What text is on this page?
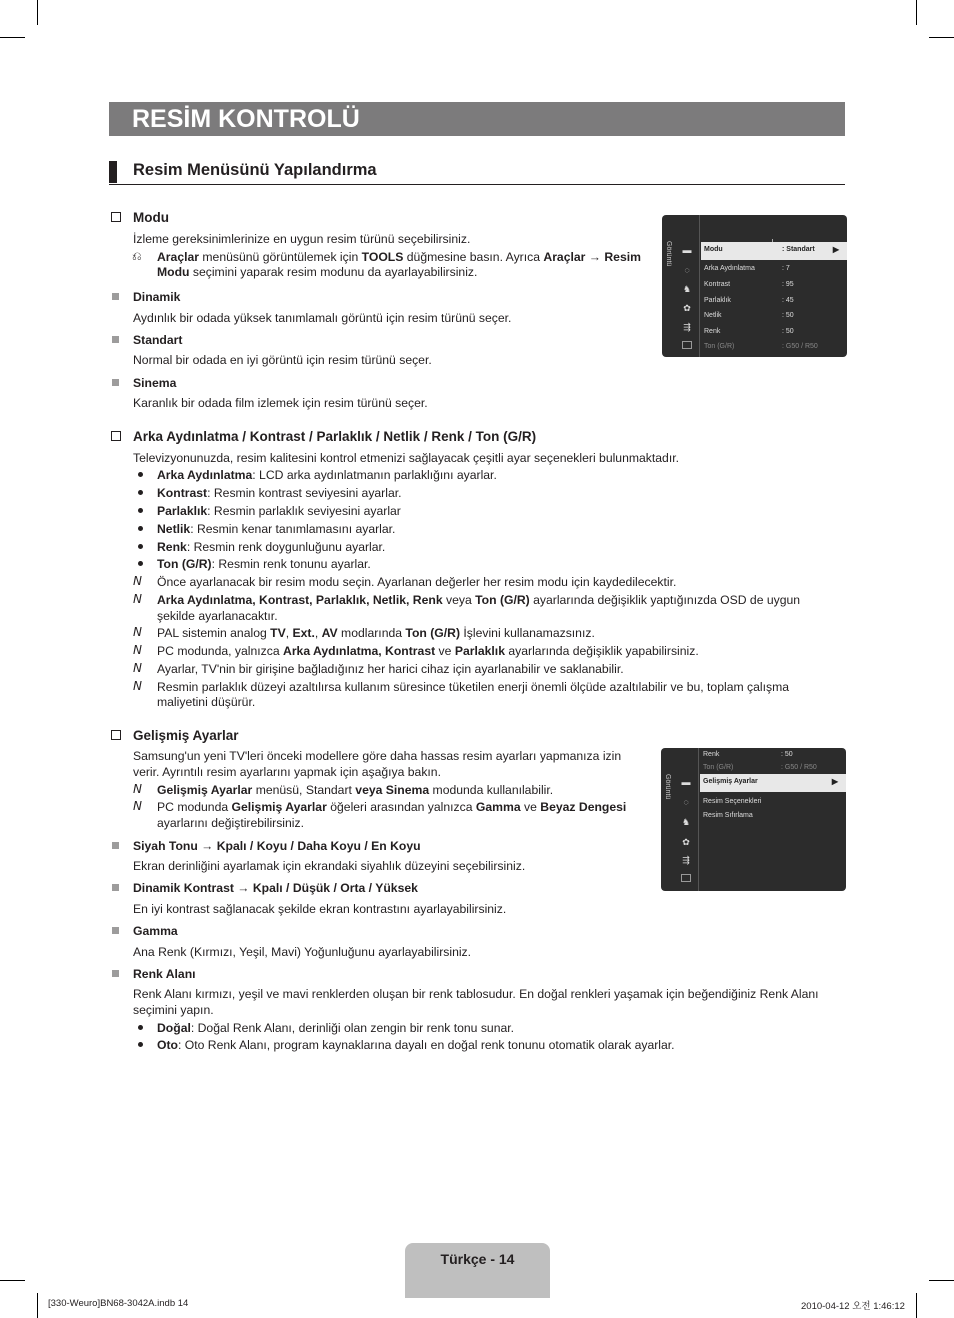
RESİM KONTROLÜ
Resim Menüsünü Yapılandırma
Modu
İzleme gereksinimlerinize en uygun resim türünü seçebilirsiniz.
⎌ Araçlar menüsünü görüntülemek için TOOLS düğmesine basın. Ayrıca Araçlar → Resim
Modu seçimini yaparak resim modunu da ayarlayabilirsiniz.
Dinamik
Aydınlık bir odada yüksek tanımlamalı görüntü için resim türünü seçer.
Standart
Normal bir odada en iyi görüntü için resim türünü seçer.
Sinema
Karanlık bir odada film izlemek için resim türünü seçer.
Görüntü ▬
◌
♞
✿
⇶
Modu	: Standart ▶
Arka Aydınlatma	: 7
Kontrast	: 95
Parlaklık	: 45
Netlik	: 50
Renk	: 50
Ton (G/R)	: G50 / R50
Arka Aydınlatma / Kontrast / Parlaklık / Netlik / Renk / Ton (G/R)
Televizyonunuzda, resim kalitesini kontrol etmenizi sağlayacak çeşitli ayar seçenekleri bulunmaktadır.
Arka Aydınlatma: LCD arka aydınlatmanın parlaklığını ayarlar.
Kontrast: Resmin kontrast seviyesini ayarlar.
Parlaklık: Resmin parlaklık seviyesini ayarlar
Netlik: Resmin kenar tanımlamasını ayarlar.
Renk: Resmin renk doygunluğunu ayarlar.
Ton (G/R): Resmin renk tonunu ayarlar.
N Önce ayarlanacak bir resim modu seçin. Ayarlanan değerler her resim modu için kaydedilecektir.
N Arka Aydınlatma, Kontrast, Parlaklık, Netlik, Renk veya Ton (G/R) ayarlarında değişiklik yaptığınızda OSD de uygun
şekilde ayarlanacaktır.
N PAL sistemin analog TV, Ext., AV modlarında Ton (G/R) İşlevini kullanamazsınız.
N PC modunda, yalnızca Arka Aydınlatma, Kontrast ve Parlaklık ayarlarında değişiklik yapabilirsiniz.
N Ayarlar, TV'nin bir girişine bağladığınız her harici cihaz için ayarlanabilir ve saklanabilir.
N Resmin parlaklık düzeyi azaltılırsa kullanım süresince tüketilen enerji önemli ölçüde azaltılabilir ve bu, toplam çalışma
maliyetini düşürür.
Gelişmiş Ayarlar
Samsung'un yeni TV'leri önceki modellere göre daha hassas resim ayarları yapmanıza izin
verir. Ayrıntılı resim ayarlarını yapmak için aşağıya bakın.
N Gelişmiş Ayarlar menüsü, Standart veya Sinema modunda kullanılabilir.
N PC modunda Gelişmiş Ayarlar öğeleri arasından yalnızca Gamma ve Beyaz Dengesi
ayarlarını değiştirebilirsiniz.
Siyah Tonu → Kpalı / Koyu / Daha Koyu / En Koyu
Ekran derinliğini ayarlamak için ekrandaki siyahlık düzeyini seçebilirsiniz.
Dinamik Kontrast → Kpalı / Düşük / Orta / Yüksek
En iyi kontrast sağlanacak şekilde ekran kontrastını ayarlayabilirsiniz.
Gamma
Ana Renk (Kırmızı, Yeşil, Mavi) Yoğunluğunu ayarlayabilirsiniz.
Renk Alanı
Renk Alanı kırmızı, yeşil ve mavi renklerden oluşan bir renk tablosudur. En doğal renkleri yaşamak için beğendiğiniz Renk Alanı
seçimini yapın.
Doğal: Doğal Renk Alanı, derinliği olan zengin bir renk tonu sunar.
Oto: Oto Renk Alanı, program kaynaklarına dayalı en doğal renk tonunu otomatik olarak ayarlar.
Görüntü ▬
◌
♞
✿
⇶
Renk	: 50
Ton (G/R)	: G50 / R50
Gelişmiş Ayarlar	▶
Resim Seçenekleri
Resim Sıfırlama
Türkçe - 14
[330-Weuro]BN68-3042A.indb 14	2010-04-12 오전 1:46:12
